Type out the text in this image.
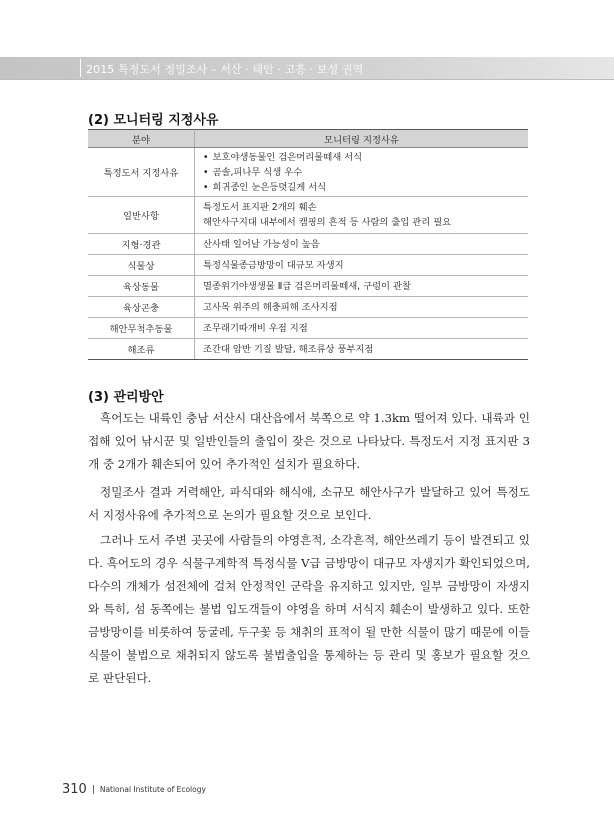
2015 특정도서 정밀조사 – 서산 · 태안 · 고흥 · 보성 권역
(2) 모니터링 지정사유
분야	모니터링 지정사유
특정도서 지정사유	• 보호야생동물인 검은머리물떼새 서식
• 곰솔,피나무 식생 우수
• 희귀종인 눈은등뎟길게 서식

일반사항	특정도서 표지판 2개의 훼손
해안사구지대 내부에서 캠핑의 흔적 등 사람의 출입 관리 필요

지형·경관	산사태 일어날 가능성이 높음
식물상	특정식물종금방망이 대규모 자생지
육상동물	멸종위기야생생물 Ⅱ급 검은머리물떼새, 구렁이 관찰
육상곤충	고사목 위주의 해충피해 조사지점
해안무척추동물	조무래기따개비 우점 지점
해조류	조간대 암반 기질 발달, 해조류상 풍부지점
(3) 관리방안

흑어도는 내륙인 충남 서산시 대산읍에서 북쪽으로 약 1.3km 떨어져 있다. 내륙과 인접해 있어 낚시꾼 및 일반인들의 출입이 잦은 것으로 나타났다. 특정도서 지정 표지판 3개 중 2개가 훼손되어 있어 추가적인 설치가 필요하다.

정밀조사 결과 거력해안, 파식대와 해식애, 소규모 해안사구가 발달하고 있어 특정도서 지정사유에 추가적으로 논의가 필요할 것으로 보인다.

그러나 도서 주변 곳곳에 사람들의 야영흔적, 소각흔적, 해안쓰레기 등이 발견되고 있다. 흑어도의 경우 식물구계학적 특정식물 V급 금방망이 대규모 자생지가 확인되었으며, 다수의 개체가 섬전체에 걸쳐 안정적인 군락을 유지하고 있지만, 일부 금방망이 자생지와 특히, 섬 동쪽에는 불법 입도객들이 야영을 하며 서식지 훼손이 발생하고 있다. 또한 금방망이를 비롯하여 둥굴레, 두구꽃 등 채취의 표적이 될 만한 식물이 많기 때문에 이들 식물이 불법으로 채취되지 않도록 불법출입을 통제하는 등 관리 및 홍보가 필요할 것으로 판단된다.

310 National Institute of Ecology
